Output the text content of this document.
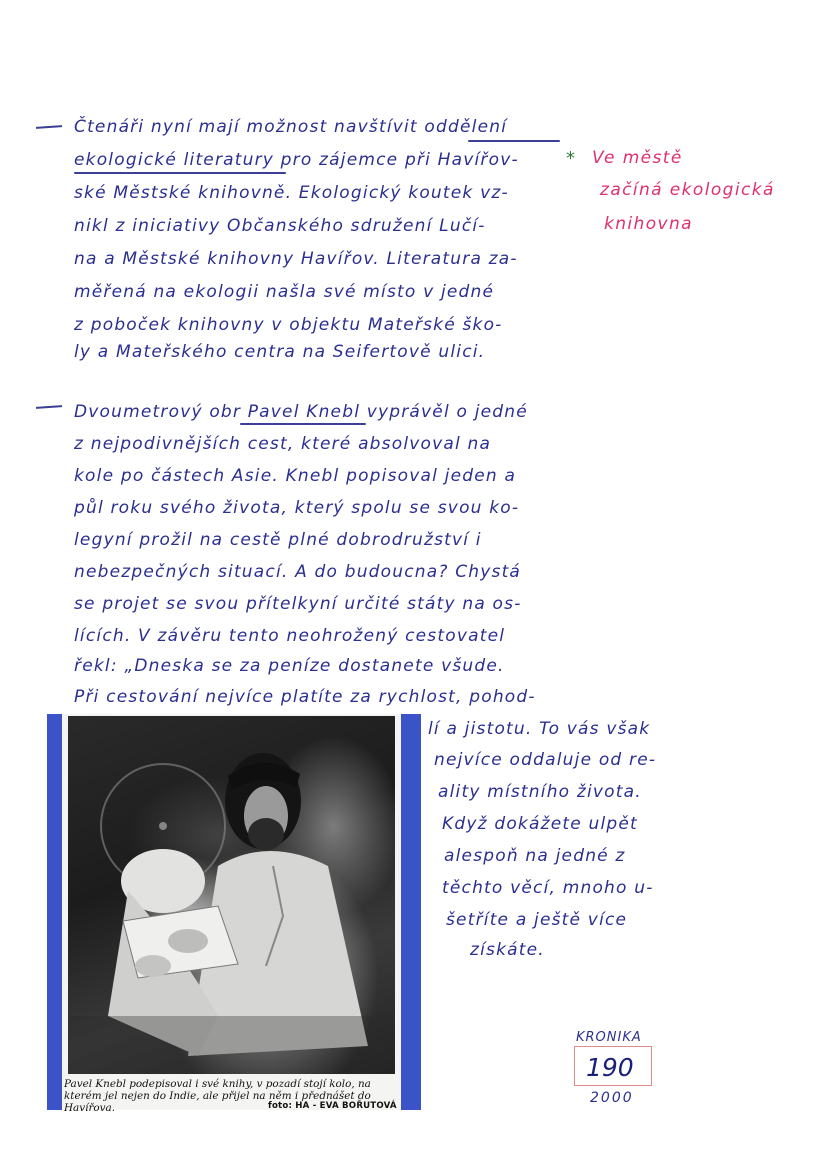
Čtenáři nyní mají možnost navštívit oddělení
ekologické literatury pro zájemce při Havířov-
ské Městské knihovně. Ekologický koutek vz-
nikl z iniciativy Občanského sdružení Lučí-
na a Městské knihovny Havířov. Literatura za-
měřená na ekologii našla své místo v jedné
z poboček knihovny v objektu Mateřské ško-
ly a Mateřského centra na Seifertově ulici.
* Ve městě
začíná ekologická
knihovna
Dvoumetrový obr Pavel Knebl vyprávěl o jedné
z nejpodivnějších cest, které absolvoval na
kole po částech Asie. Knebl popisoval jeden a
půl roku svého života, který spolu se svou ko-
legyní prožil na cestě plné dobrodružství i
nebezpečných situací. A do budoucna? Chystá
se projet se svou přítelkyní určité státy na os-
lících. V závěru tento neohrožený cestovatel
řekl: „Dneska se za peníze dostanete všude.
Při cestování nejvíce platíte za rychlost, pohod-
lí a jistotu. To vás však
nejvíce oddaluje od re-
ality místního života.
Když dokážete ulpět
alespoň na jedné z
těchto věcí, mnoho u-
šetříte a ještě více
získáte.
Pavel Knebl podepisoval i své knihy, v pozadí stojí kolo, na kterém jel nejen do Indie, ale přijel na něm i přednášet do Havířova.	foto: HA - EVA BOŘUTOVÁ
KRONIKA
190
2000
